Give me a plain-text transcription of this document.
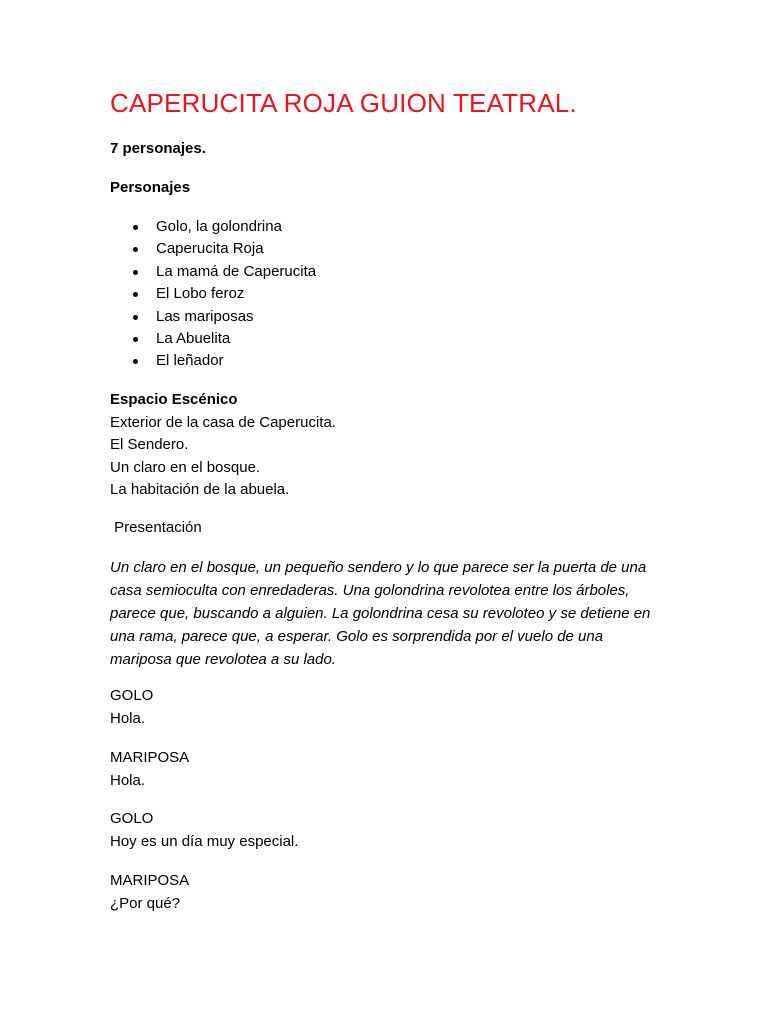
CAPERUCITA ROJA GUION TEATRAL.

7 personajes.

Personajes

Golo, la golondrina
Caperucita Roja
La mamá de Caperucita
El Lobo feroz
Las mariposas
La Abuelita
El leñador
Espacio Escénico
Exterior de la casa de Caperucita.
El Sendero.
Un claro en el bosque.
La habitación de la abuela.

Presentación

Un claro en el bosque, un pequeño sendero y lo que parece ser la puerta de una
casa semioculta con enredaderas. Una golondrina revolotea entre los árboles,
parece que, buscando a alguien. La golondrina cesa su revoloteo y se detiene en
una rama, parece que, a esperar. Golo es sorprendida por el vuelo de una
mariposa que revolotea a su lado.
GOLO
Hola.
MARIPOSA
Hola.
GOLO
Hoy es un día muy especial.
MARIPOSA
¿Por qué?
